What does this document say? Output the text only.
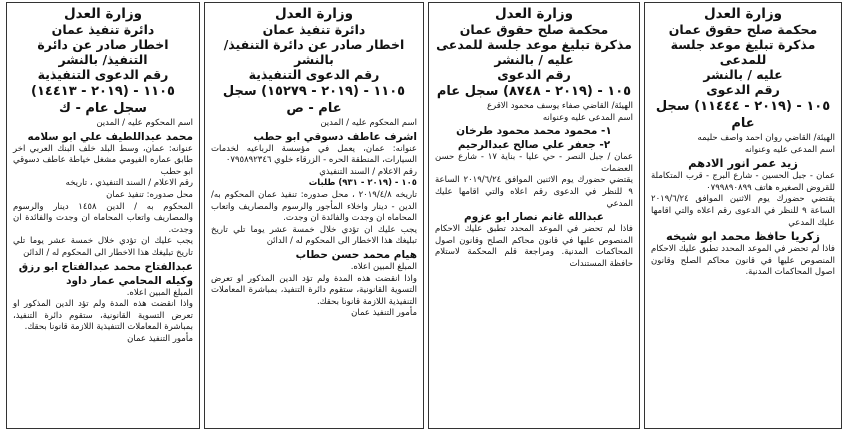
وزارة العدل
محكمة صلح حقوق عمان
مذكرة تبليغ موعد جلسة للمدعى
عليه / بالنشر
رقم الدعوى
١٠٥ - (٢٠١٩ - ١١٤٤٤) سجل عام

الهيئة/ القاضي روان احمد واصف حليمه

اسم المدعى عليه وعنوانه

زيد عمر انور الادهم

عمان - جبل الحسين - شارع البرج - قرب المتكاملة للقروض الصغيره هاتف ٠٧٩٩٨٩٠٨٩٩

يقتضي حضورك يوم الاثنين الموافق ٢٠١٩/٦/٢٤ الساعة ٩ للنظر في الدعوى رقم اعلاه والتي اقامها عليك المدعي

زكريا حافظ محمد ابو شيخه

فاذا لم تحضر في الموعد المحدد تطبق عليك الاحكام المنصوص عليها في قانون محاكم الصلح وقانون اصول المحاكمات المدنية.

وزارة العدل
محكمة صلح حقوق عمان
مذكرة تبليغ موعد جلسة للمدعى
عليه / بالنشر
رقم الدعوى
١٠٥ - (٢٠١٩ - ٨٧٤٨) سجل عام

الهيئة/ القاضي صفاء يوسف محمود الاقرع

اسم المدعى عليه وعنوانه

١- محمود محمد محمود طرخان
٢- جعفر علي صالح عبدالرحيم

عمان / جبل النصر - حي عليا - بناية ١٧ - شارع حسن العضمات

يقتضي حضورك يوم الاثنين الموافق ٢٠١٩/٦/٢٤ الساعة ٩ للنظر في الدعوى رقم اعلاه والتي اقامها عليك المدعي

عبدالله غانم نصار ابو عزوم

فاذا لم تحضر في الموعد المحدد تطبق عليك الاحكام المنصوص عليها في قانون محاكم الصلح وقانون اصول المحاكمات المدنية. ومراجعة قلم المحكمة لاستلام حافظة المستندات

وزارة العدل
دائرة تنفيذ عمان
اخطار صادر عن دائرة التنفيذ/ بالنشر
رقم الدعوى التنفيذية
١١٠٥ - (٢٠١٩ - ١٥٢٧٩) سجل عام - ص

اسم المحكوم عليه / المدين

اشرف عاطف دسوقي ابو حطب

عنوانه: عمان، يعمل في مؤسسة الرباعيه لخدمات السيارات، المنطقة الحره - الزرقاء خلوي ٠٧٩٥٨٩٢٣٤٦

رقم الاعلام / السند التنفيذي

١٠٥ - (٢٠١٩ - ٩٣١) طلبات

تاريخه ٢٠١٩/٤/٨ ، محل صدوره: تنفيذ عمان المحكوم به/ الدين - دينار واخلاء المأجور والرسوم والمصاريف واتعاب المحاماه ان وجدت والفائدة ان وجدت.

يجب عليك ان تؤدي خلال خمسة عشر يوما تلي تاريخ تبليغك هذا الاخطار الى المحكوم له / الدائن

هيام محمد حسن حطاب

المبلغ المبين اعلاه.

واذا انقضت هذه المدة ولم تؤد الدين المذكور او تعرض التسوية القانونية، ستقوم دائرة التنفيذ، بمباشرة المعاملات التنفيذية اللازمة قانونا بحقك.

مأمور التنفيذ عمان

وزارة العدل
دائرة تنفيذ عمان
اخطار صادر عن دائرة التنفيذ/ بالنشر
رقم الدعوى التنفيذية
١١٠٥ - (٢٠١٩ - ١٤٤١٣) سجل عام - ك

اسم المحكوم عليه / المدين

محمد عبداللطيف علي ابو سلامه

عنوانه: عمان، وسط البلد خلف البنك العربي اخر طابق عماره الفيومي مشغل خياطة عاطف دسوقي ابو حطب

رقم الاعلام / السند التنفيذي ، تاريخه

محل صدوره: تنفيذ عمان

المحكوم به / الدين ١٤٥٨ دينار والرسوم والمصاريف واتعاب المحاماه ان وجدت والفائدة ان وجدت.

يجب عليك ان تؤدي خلال خمسة عشر يوما تلي تاريخ تبليغك هذا الاخطار الى المحكوم له / الدائن

عبدالفتاح محمد عبدالفتاح ابو رزق
وكيله المحامي عمار داود

المبلغ المبين اعلاه.

واذا انقضت هذه المدة ولم تؤد الدين المذكور او تعرض التسوية القانونية، ستقوم دائرة التنفيذ، بمباشرة المعاملات التنفيذية اللازمة قانونا بحقك.

مأمور التنفيذ عمان
